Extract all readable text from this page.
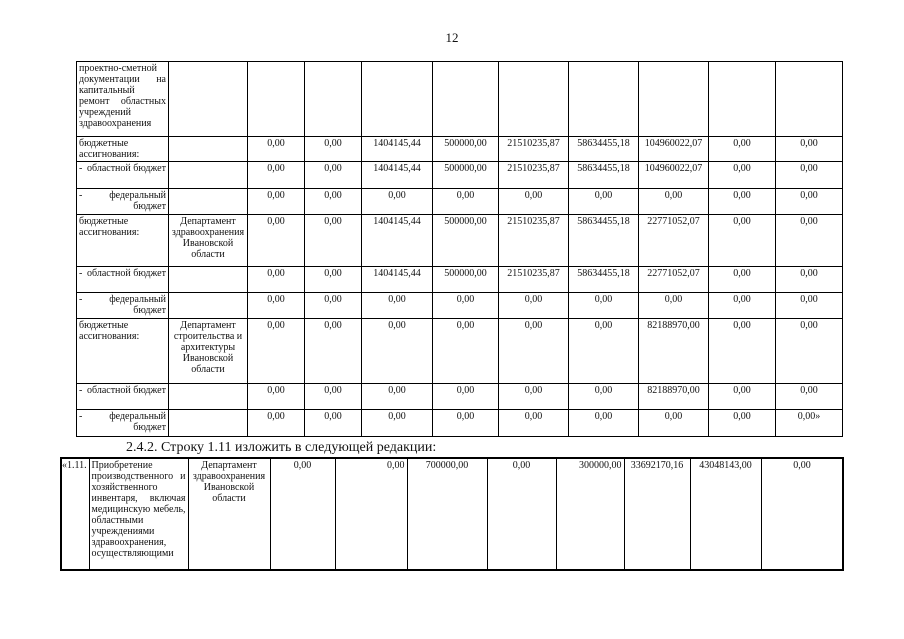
12
проектно-сметной документации на капитальный ремонт областных учреждений здравоохранения										
бюджетные ассигнования:		0,00	0,00	1404145,44	500000,00	21510235,87	58634455,18	104960022,07	0,00	0,00

- областной бюджет		0,00	0,00	1404145,44	500000,00	21510235,87	58634455,18	104960022,07	0,00	0,00

- федеральный бюджет		0,00	0,00	0,00	0,00	0,00	0,00	0,00	0,00	0,00
бюджетные ассигнования:	Департамент здравоохранения Ивановской области	0,00	0,00	1404145,44	500000,00	21510235,87	58634455,18	22771052,07	0,00	0,00

- областной бюджет		0,00	0,00	1404145,44	500000,00	21510235,87	58634455,18	22771052,07	0,00	0,00

- федеральный бюджет		0,00	0,00	0,00	0,00	0,00	0,00	0,00	0,00	0,00
бюджетные ассигнования:	Департамент строительства и архитектуры Ивановской области	0,00	0,00	0,00	0,00	0,00	0,00	82188970,00	0,00	0,00

- областной бюджет		0,00	0,00	0,00	0,00	0,00	0,00	82188970,00	0,00	0,00

- федеральный бюджет		0,00	0,00	0,00	0,00	0,00	0,00	0,00	0,00	0,00»
2.4.2. Строку 1.11 изложить в следующей редакции:
«1.11.	Приобретение производственного и хозяйственного инвентаря, включая медицинскую мебель, областными учреждениями здравоохранения, осуществляющими	Департамент здравоохранения Ивановской области	0,00	0,00	700000,00	0,00	300000,00	33692170,16	43048143,00	0,00	
